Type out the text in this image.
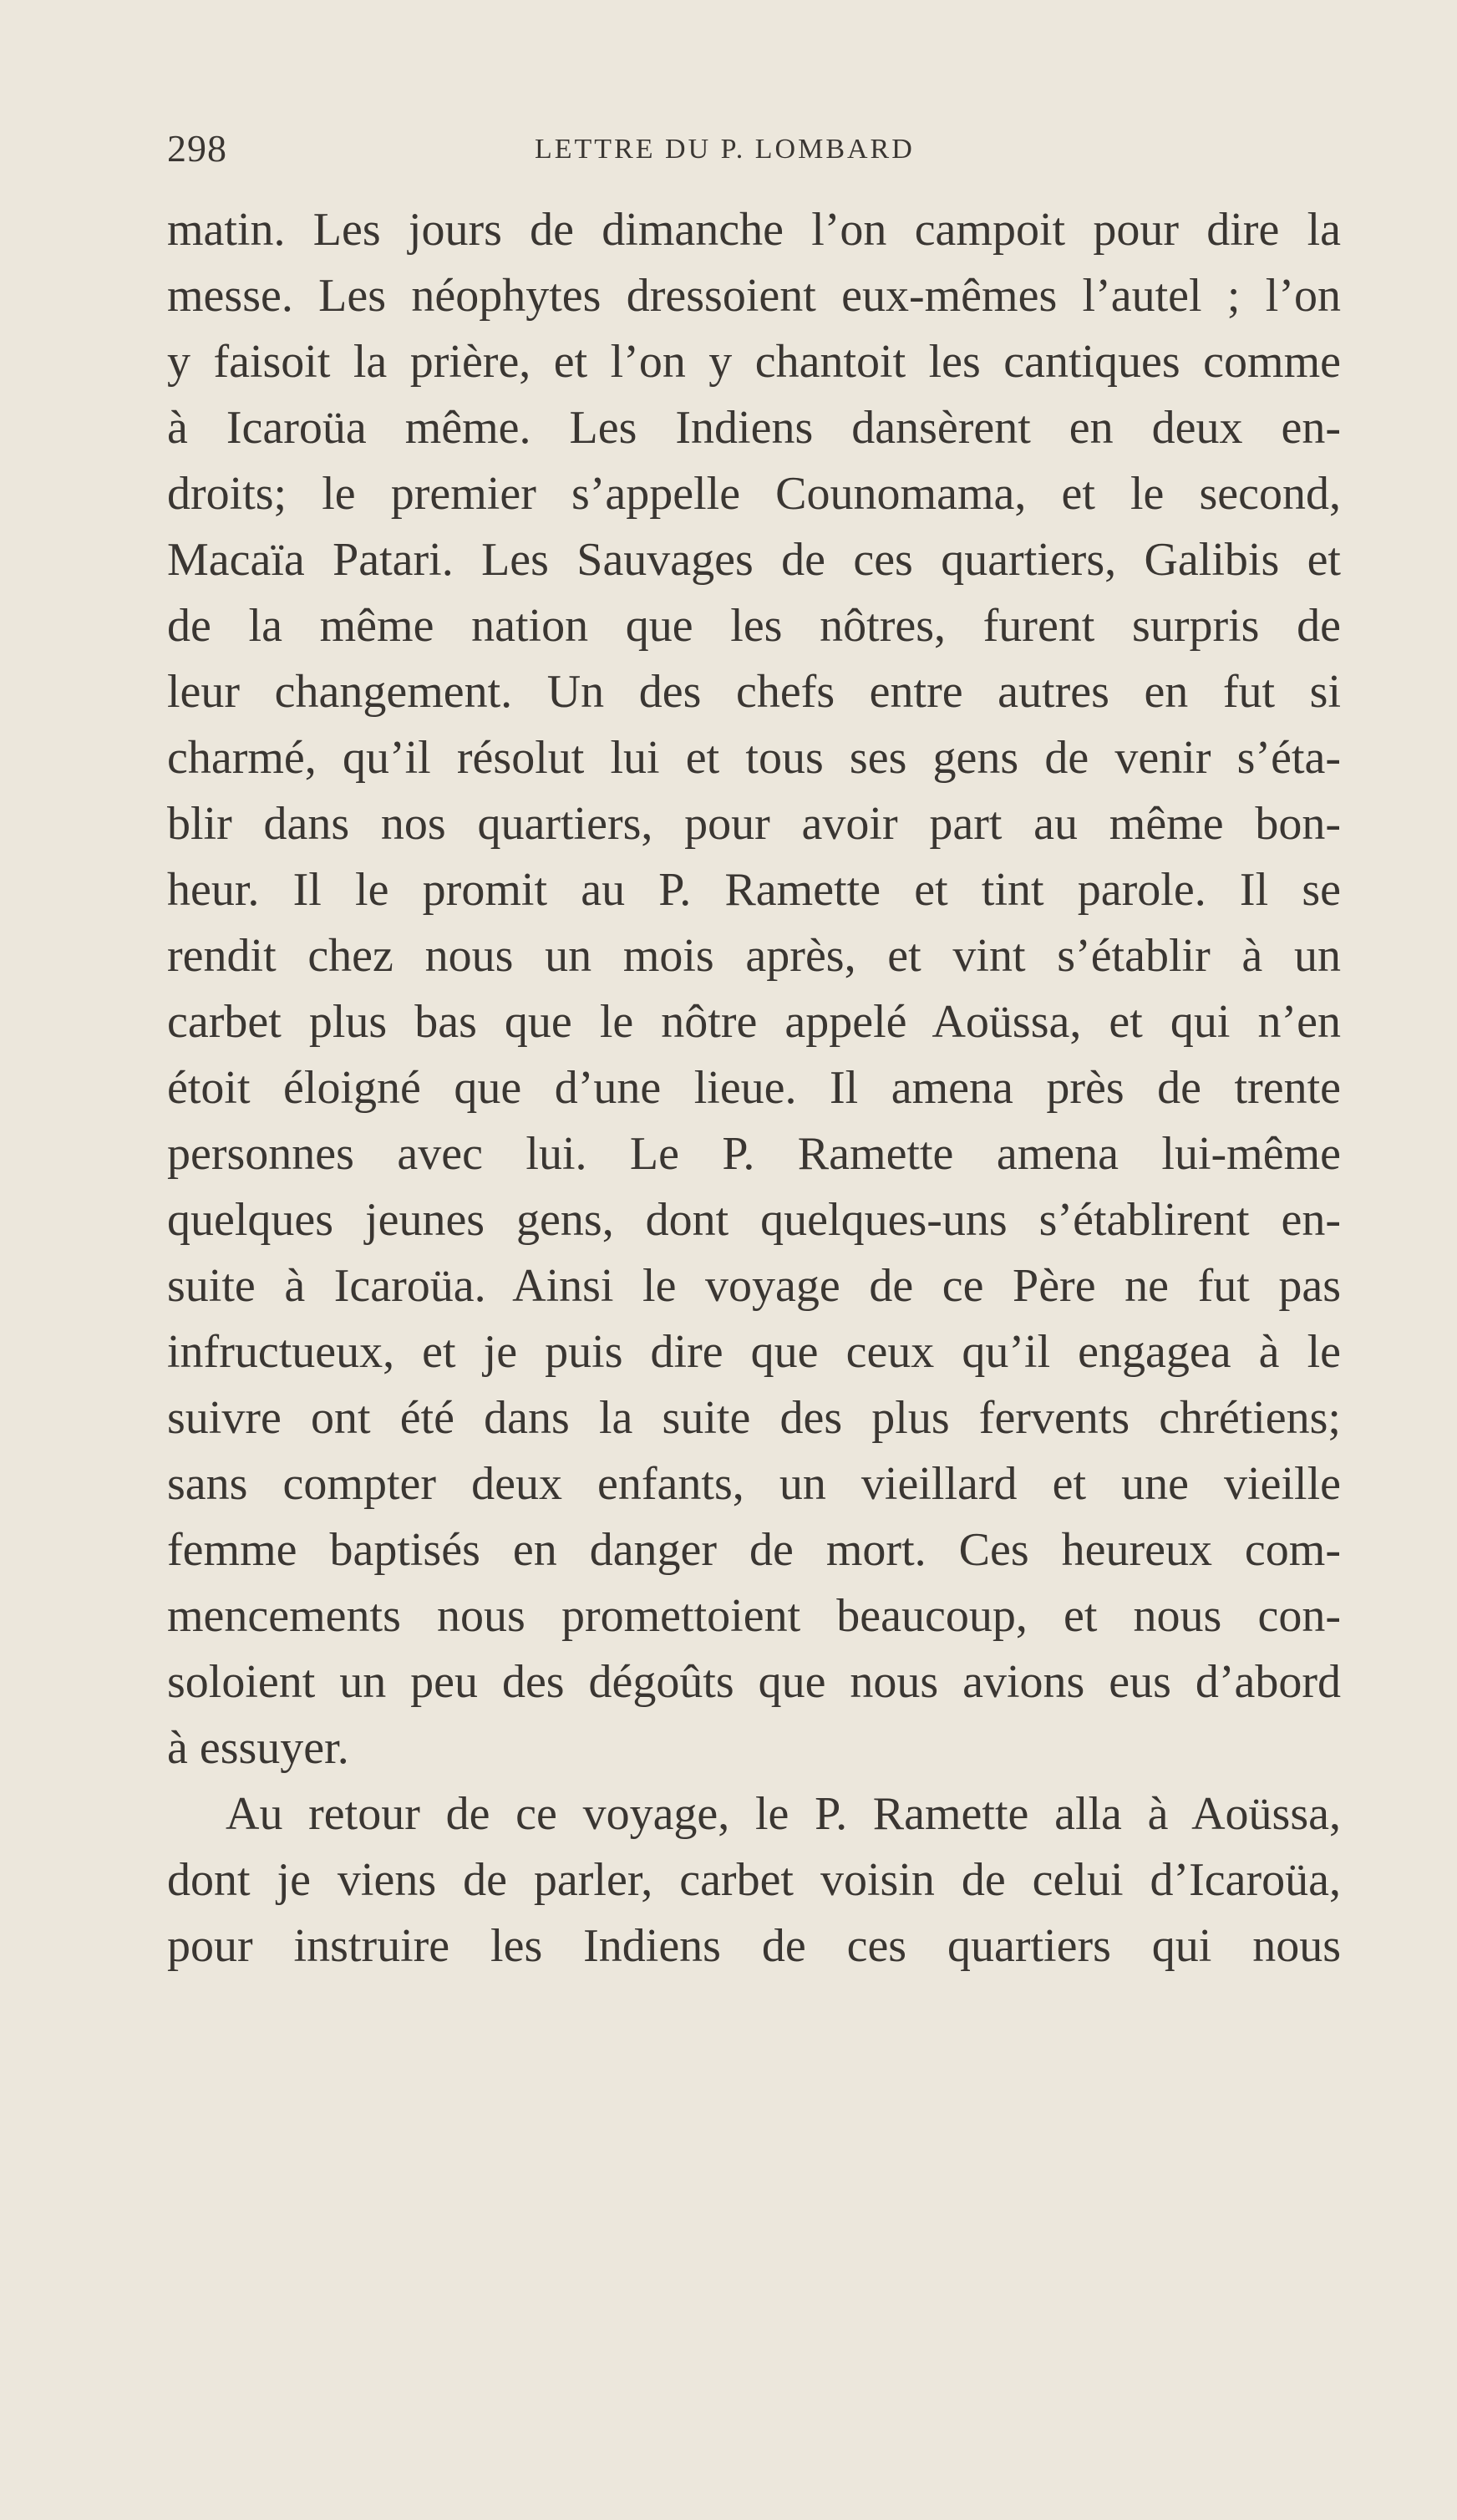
298	LETTRE DU P. LOMBARD
matin. Les jours de dimanche l’on campoit pour dire la
messe. Les néophytes dressoient eux-mêmes l’autel ; l’on
y faisoit la prière, et l’on y chantoit les cantiques comme
à Icaroüa même. Les Indiens dansèrent en deux en-
droits; le premier s’appelle Counomama, et le second,
Macaïa Patari. Les Sauvages de ces quartiers, Galibis et
de la même nation que les nôtres, furent surpris de
leur changement. Un des chefs entre autres en fut si
charmé, qu’il résolut lui et tous ses gens de venir s’éta-
blir dans nos quartiers, pour avoir part au même bon-
heur. Il le promit au P. Ramette et tint parole. Il se
rendit chez nous un mois après, et vint s’établir à un
carbet plus bas que le nôtre appelé Aoüssa, et qui n’en
étoit éloigné que d’une lieue. Il amena près de trente
personnes avec lui. Le P. Ramette amena lui-même
quelques jeunes gens, dont quelques-uns s’établirent en-
suite à Icaroüa. Ainsi le voyage de ce Père ne fut pas
infructueux, et je puis dire que ceux qu’il engagea à le
suivre ont été dans la suite des plus fervents chrétiens;
sans compter deux enfants, un vieillard et une vieille
femme baptisés en danger de mort. Ces heureux com-
mencements nous promettoient beaucoup, et nous con-
soloient un peu des dégoûts que nous avions eus d’abord
à essuyer.
Au retour de ce voyage, le P. Ramette alla à Aoüssa,
dont je viens de parler, carbet voisin de celui d’Icaroüa,
pour instruire les Indiens de ces quartiers qui nous
